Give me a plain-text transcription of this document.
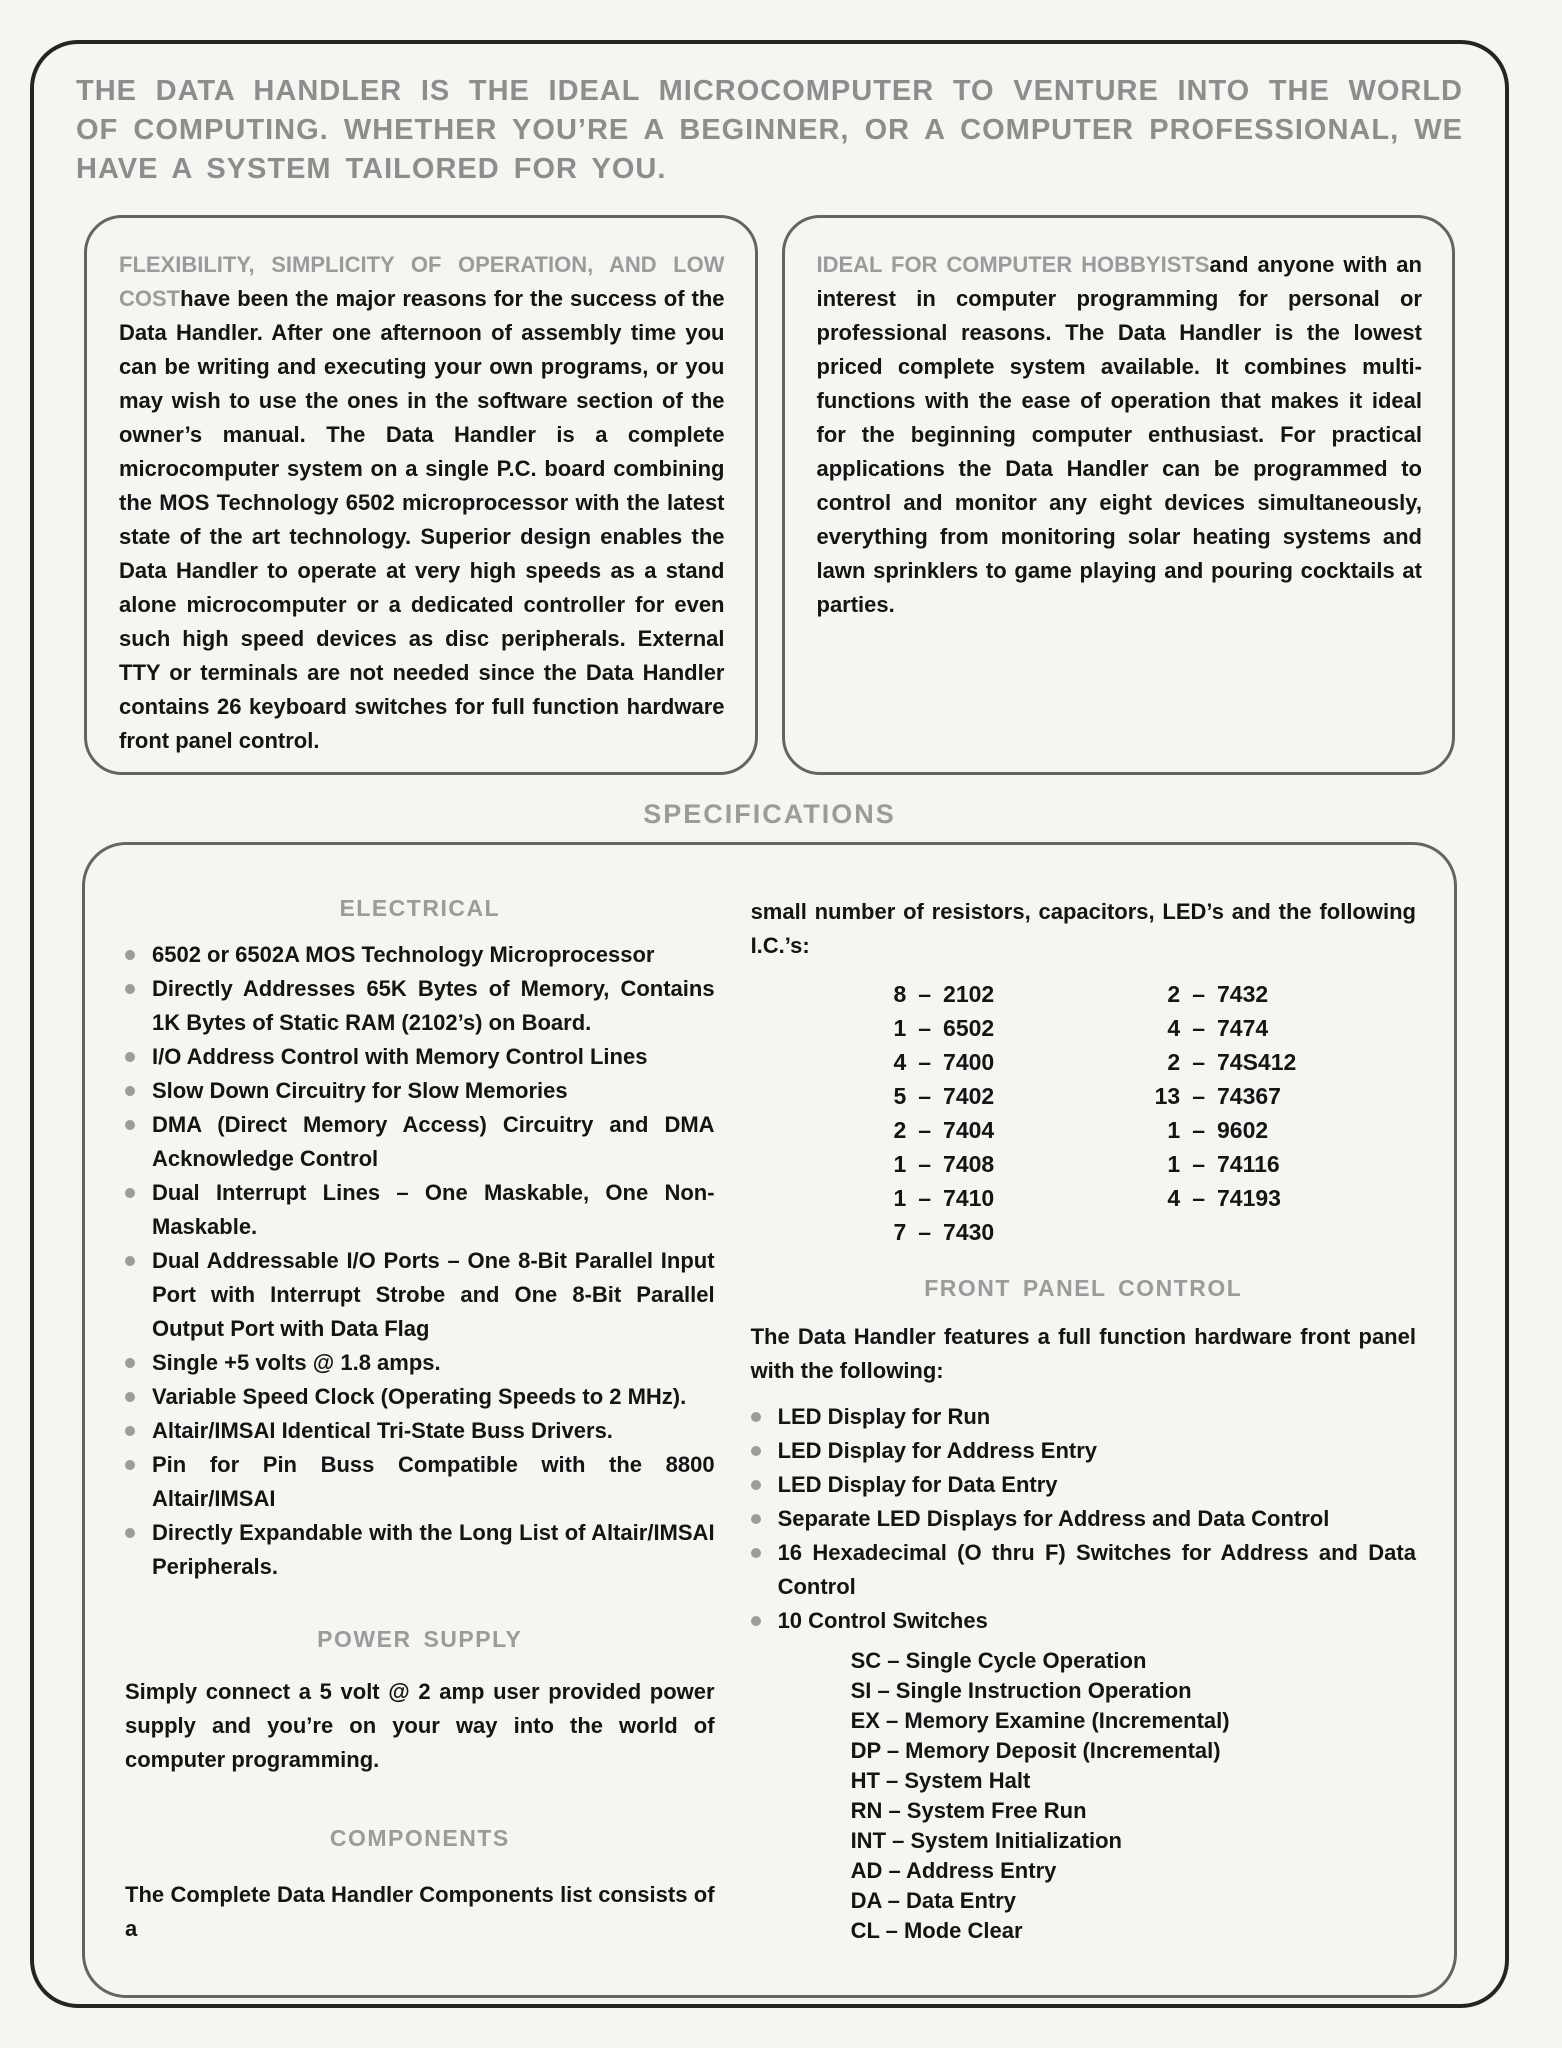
THE DATA HANDLER IS THE IDEAL MICROCOMPUTER TO VENTURE INTO THE WORLD OF COMPUTING. WHETHER YOU’RE A BEGINNER, OR A COMPUTER PROFESSIONAL, WE HAVE A SYSTEM TAILORED FOR YOU.
FLEXIBILITY, SIMPLICITY OF OPERATION, AND LOW COSThave been the major reasons for the success of the Data Handler. After one afternoon of assembly time you can be writing and executing your own programs, or you may wish to use the ones in the software section of the owner’s manual. The Data Handler is a complete microcomputer system on a single P.C. board combining the MOS Technology 6502 microprocessor with the latest state of the art technology. Superior design enables the Data Handler to operate at very high speeds as a stand alone microcomputer or a dedicated controller for even such high speed devices as disc peripherals. External TTY or terminals are not needed since the Data Handler contains 26 keyboard switches for full function hardware front panel control.
IDEAL FOR COMPUTER HOBBYISTSand anyone with an interest in computer programming for personal or professional reasons. The Data Handler is the lowest priced complete system available. It combines multi-functions with the ease of operation that makes it ideal for the beginning computer enthusiast. For practical applications the Data Handler can be programmed to control and monitor any eight devices simultaneously, everything from monitoring solar heating systems and lawn sprinklers to game playing and pouring cocktails at parties.
SPECIFICATIONS
ELECTRICAL
6502 or 6502A MOS Technology Microprocessor
Directly Addresses 65K Bytes of Memory, Contains 1K Bytes of Static RAM (2102’s) on Board.
I/O Address Control with Memory Control Lines
Slow Down Circuitry for Slow Memories
DMA (Direct Memory Access) Circuitry and DMA Acknowledge Control
Dual Interrupt Lines – One Maskable, One Non-Maskable.
Dual Addressable I/O Ports – One 8-Bit Parallel Input Port with Interrupt Strobe and One 8-Bit Parallel Output Port with Data Flag
Single +5 volts @ 1.8 amps.
Variable Speed Clock (Operating Speeds to 2 MHz).
Altair/IMSAI Identical Tri-State Buss Drivers.
Pin for Pin Buss Compatible with the 8800 Altair/IMSAI
Directly Expandable with the Long List of Altair/IMSAI Peripherals.
POWER SUPPLY
Simply connect a 5 volt @ 2 amp user provided power supply and you’re on your way into the world of computer programming.
COMPONENTS
The Complete Data Handler Components list consists of a
small number of resistors, capacitors, LED’s and the following I.C.’s:
8 – 2102
1 – 6502
4 – 7400
5 – 7402
2 – 7404
1 – 7408
1 – 7410
7 – 7430
2 – 7432
4 – 7474
2 – 74S412
13 – 74367
1 – 9602
1 – 74116
4 – 74193
FRONT PANEL CONTROL
The Data Handler features a full function hardware front panel with the following:
LED Display for Run
LED Display for Address Entry
LED Display for Data Entry
Separate LED Displays for Address and Data Control
16 Hexadecimal (O thru F) Switches for Address and Data Control
10 Control Switches
SC – Single Cycle Operation
SI – Single Instruction Operation
EX – Memory Examine (Incremental)
DP – Memory Deposit (Incremental)
HT – System Halt
RN – System Free Run
INT – System Initialization
AD – Address Entry
DA – Data Entry
CL – Mode Clear
